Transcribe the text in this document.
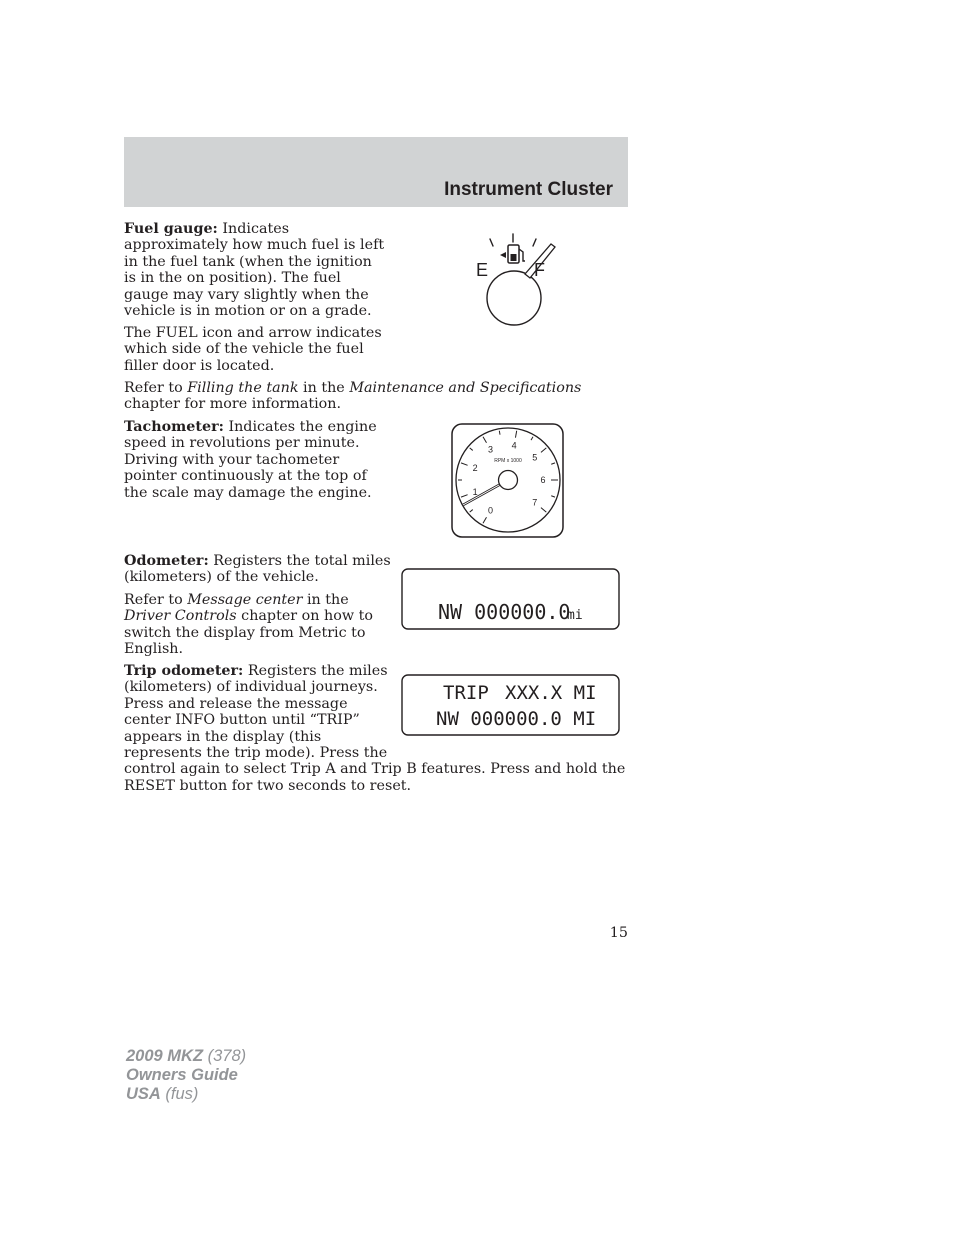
Instrument Cluster
Fuel gauge: Indicates
approximately how much fuel is left
in the fuel tank (when the ignition
is in the on position). The fuel
gauge may vary slightly when the
vehicle is in motion or on a grade.
The FUEL icon and arrow indicates
which side of the vehicle the fuel
filler door is located.
Refer to Filling the tank in the Maintenance and Specifications
chapter for more information.
E	F
Tachometer: Indicates the engine
speed in revolutions per minute.
Driving with your tachometer
pointer continuously at the top of
the scale may damage the engine.
0
1
2
3 4
5
6
7
RPM x 1000
Odometer: Registers the total miles
(kilometers) of the vehicle.
Refer to Message center in the
Driver Controls chapter on how to
switch the display from Metric to
English.
NW 000000.0
mi
Trip odometer: Registers the miles
(kilometers) of individual journeys.
Press and release the message
center INFO button until “TRIP”
appears in the display (this
represents the trip mode). Press the
control again to select Trip A and Trip B features. Press and hold the
RESET button for two seconds to reset.
TRIP XXX.X MI
NW 000000.0 MI
15
2009 MKZ (378)
Owners Guide
USA (fus)
